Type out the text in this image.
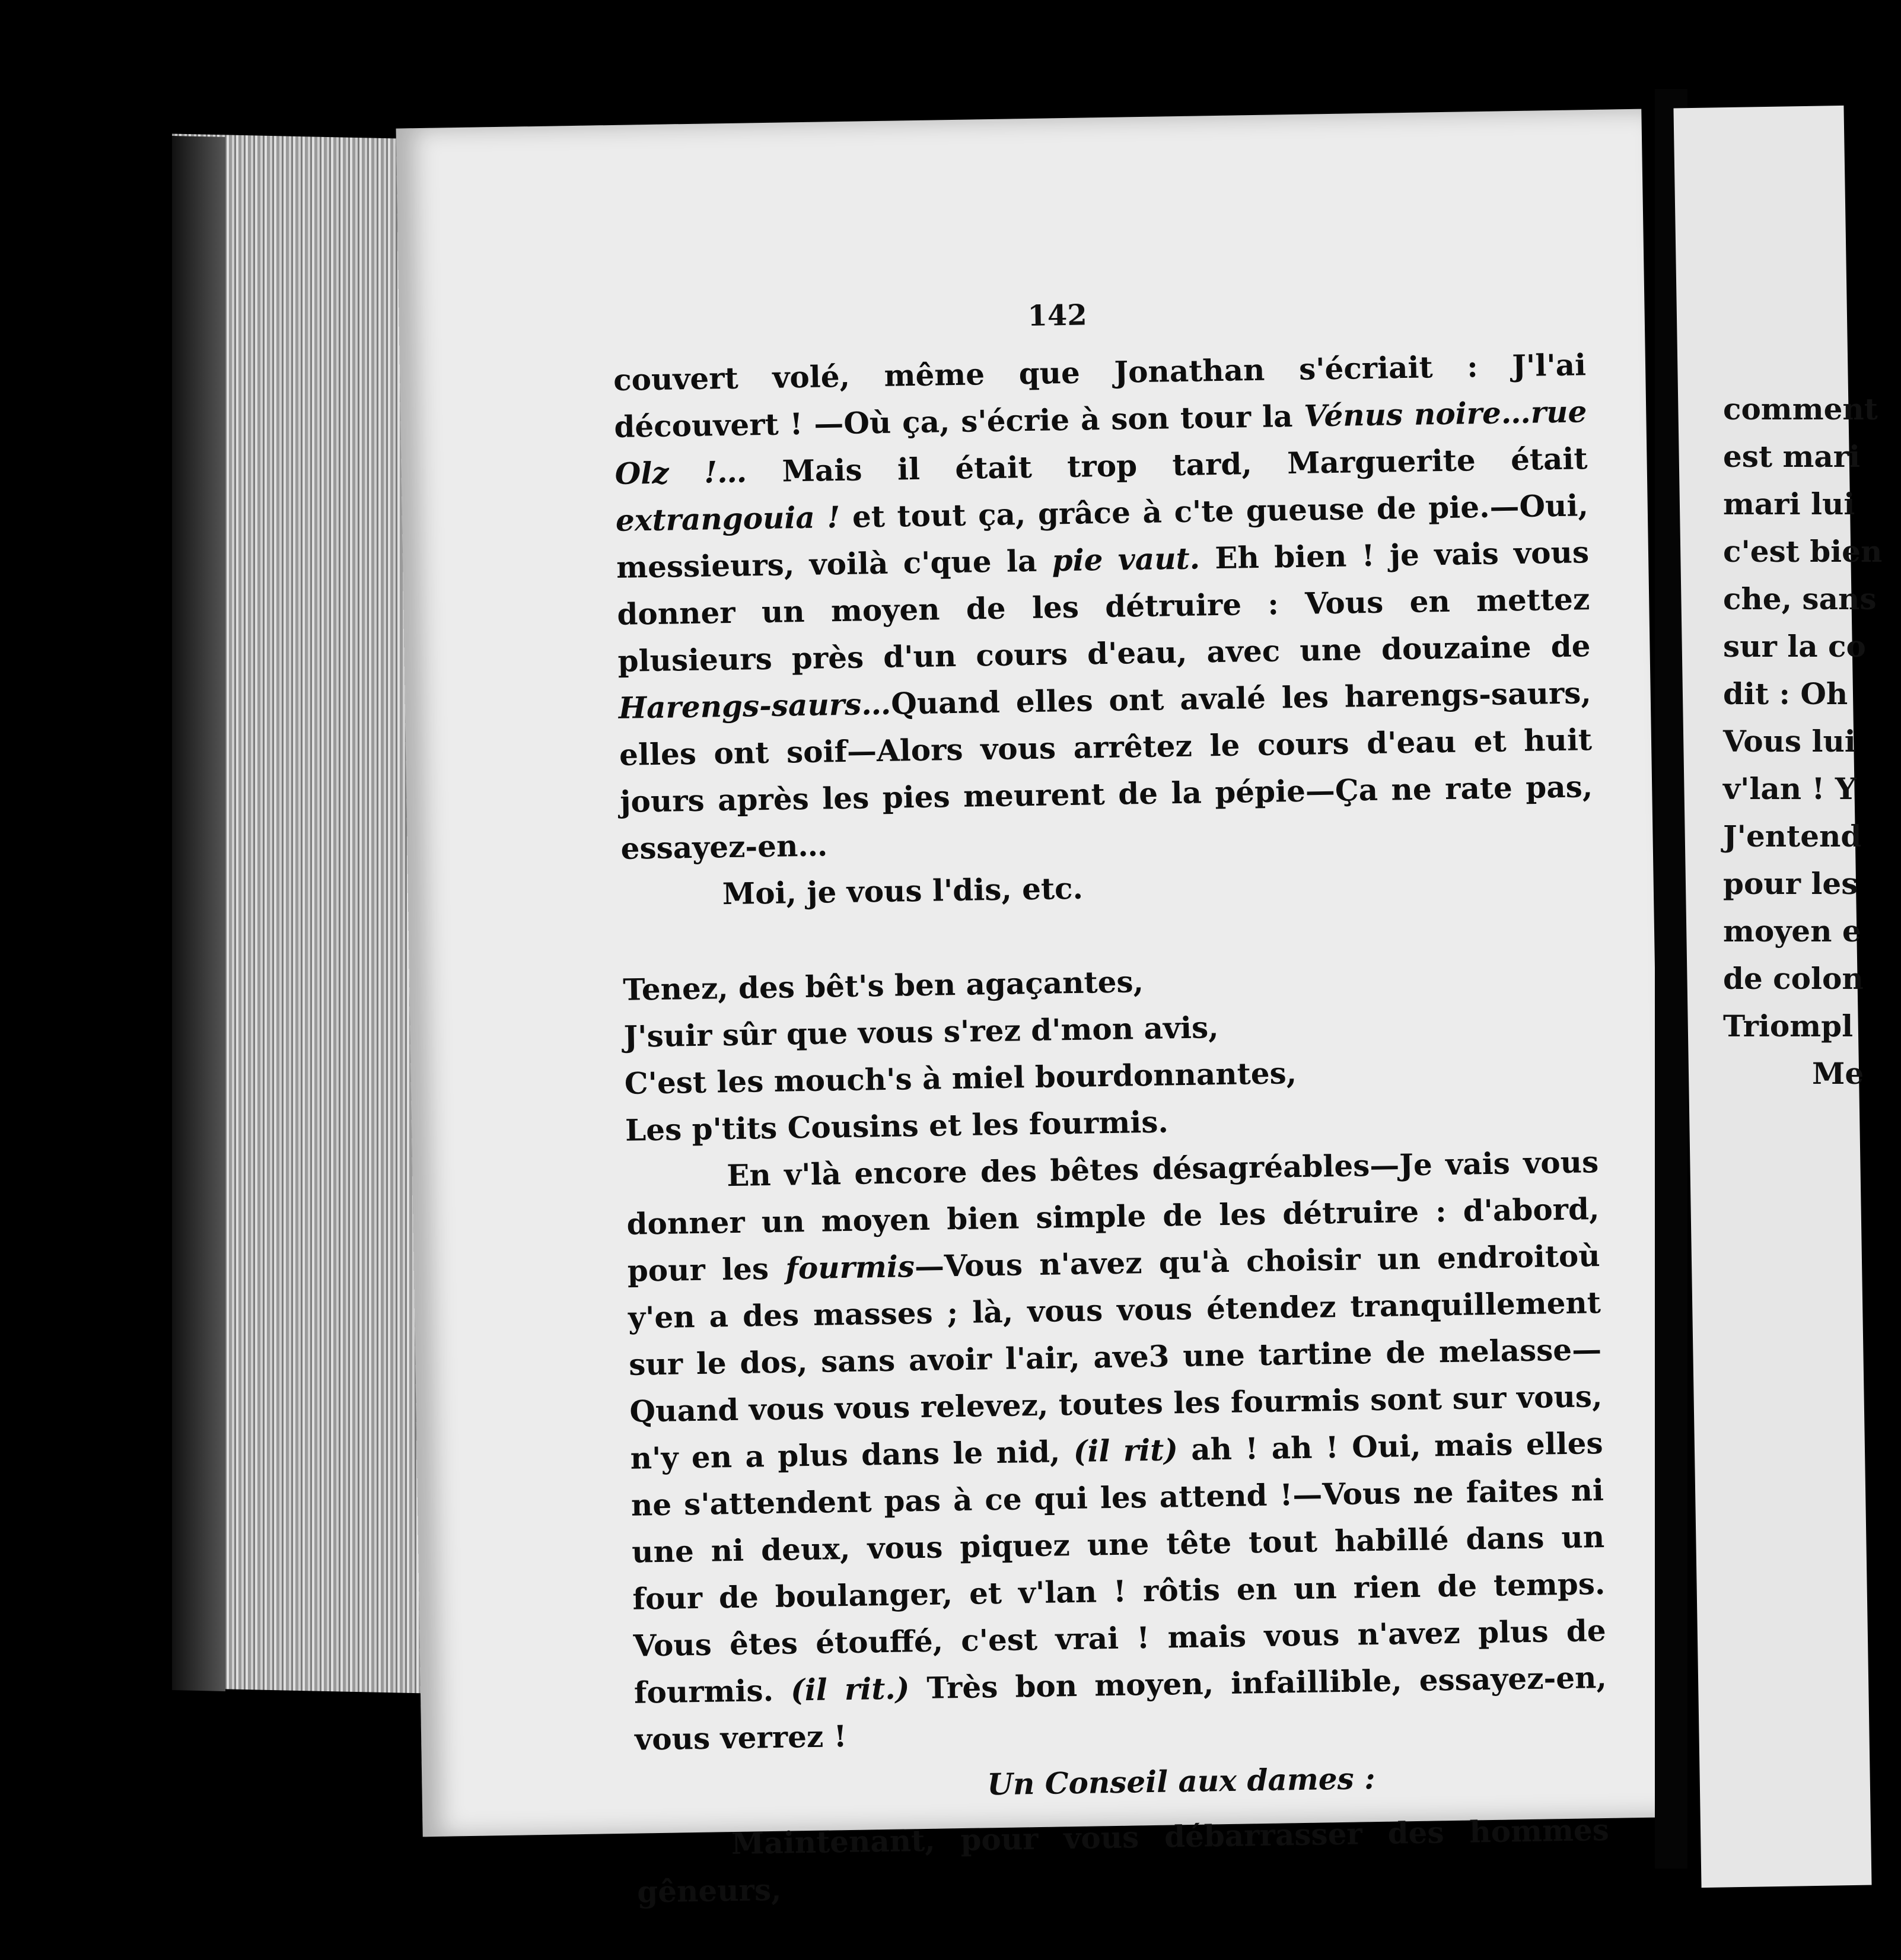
142

couvert volé, même que Jonathan s'écriait : J'l'ai découvert ! —Où ça, s'écrie à son tour la Vénus noire…rue Olz !… Mais il était trop tard, Marguerite était extrangouia ! et tout ça, grâce à c'te gueuse de pie.—Oui, messieurs, voilà c'que la pie vaut. Eh bien ! je vais vous donner un moyen de les détruire : Vous en mettez plusieurs près d'un cours d'eau, avec une douzaine de Harengs-saurs…Quand elles ont avalé les harengs-saurs, elles ont soif—Alors vous arrêtez le cours d'eau et huit jours après les pies meurent de la pépie—Ça ne rate pas, essayez-en…

Moi, je vous l'dis, etc.

Tenez, des bêt's ben agaçantes,
J'suir sûr que vous s'rez d'mon avis,
C'est les mouch's à miel bourdonnantes,
Les p'tits Cousins et les fourmis.

En v'là encore des bêtes désagréables—Je vais vous donner un moyen bien simple de les détruire : d'abord, pour les fourmis—Vous n'avez qu'à choisir un endroitoù y'en a des masses ; là, vous vous étendez tranquillement sur le dos, sans avoir l'air, ave3 une tartine de melasse—Quand vous vous relevez, toutes les fourmis sont sur vous, n'y en a plus dans le nid, (il rit) ah ! ah ! Oui, mais elles ne s'attendent pas à ce qui les attend !—Vous ne faites ni une ni deux, vous piquez une tête tout habillé dans un four de boulanger, et v'lan ! rôtis en un rien de temps. Vous êtes étouffé, c'est vrai ! mais vous n'avez plus de fourmis. (il rit.) Très bon moyen, infaillible, essayez-en, vous verrez !

Un Conseil aux dames :

Maintenant, pour vous débarrasser des hommes gêneurs,

comment
est mari
mari lui
c'est bien
che, sans
sur la co
dit : Oh
Vous lui
v'lan ! Y
J'entend
pour les
moyen e
de colon
Triompl
Me
